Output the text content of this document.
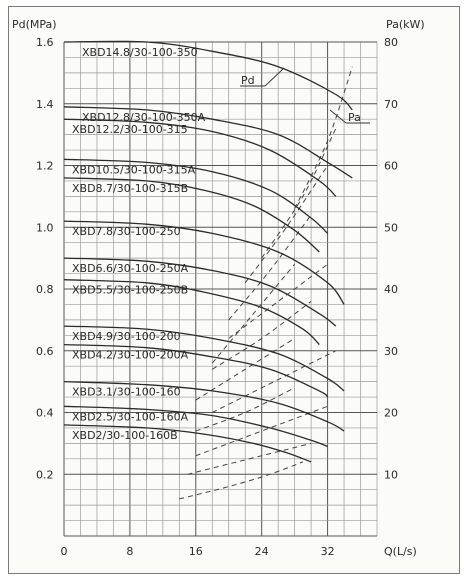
XBD14.8/30-100-350
XBD12.8/30-100-350A
XBD12.2/30-100-315
XBD10.5/30-100-315A
XBD8.7/30-100-315B
XBD7.8/30-100-250
XBD6.6/30-100-250A
XBD5.5/30-100-250B
XBD4.9/30-100-200
XBD4.2/30-100-200A
XBD3.1/30-100-160
XBD2.5/30-100-160A
XBD2/30-100-160B
0.2
0.4
0.6
0.8
1.0
1.2
1.4
1.6
10
20
30
40
50
60
70
80
0	8	16	24	32
Pd(MPa)	Pa(kW)
Q(L/s)
Pd
Pa
